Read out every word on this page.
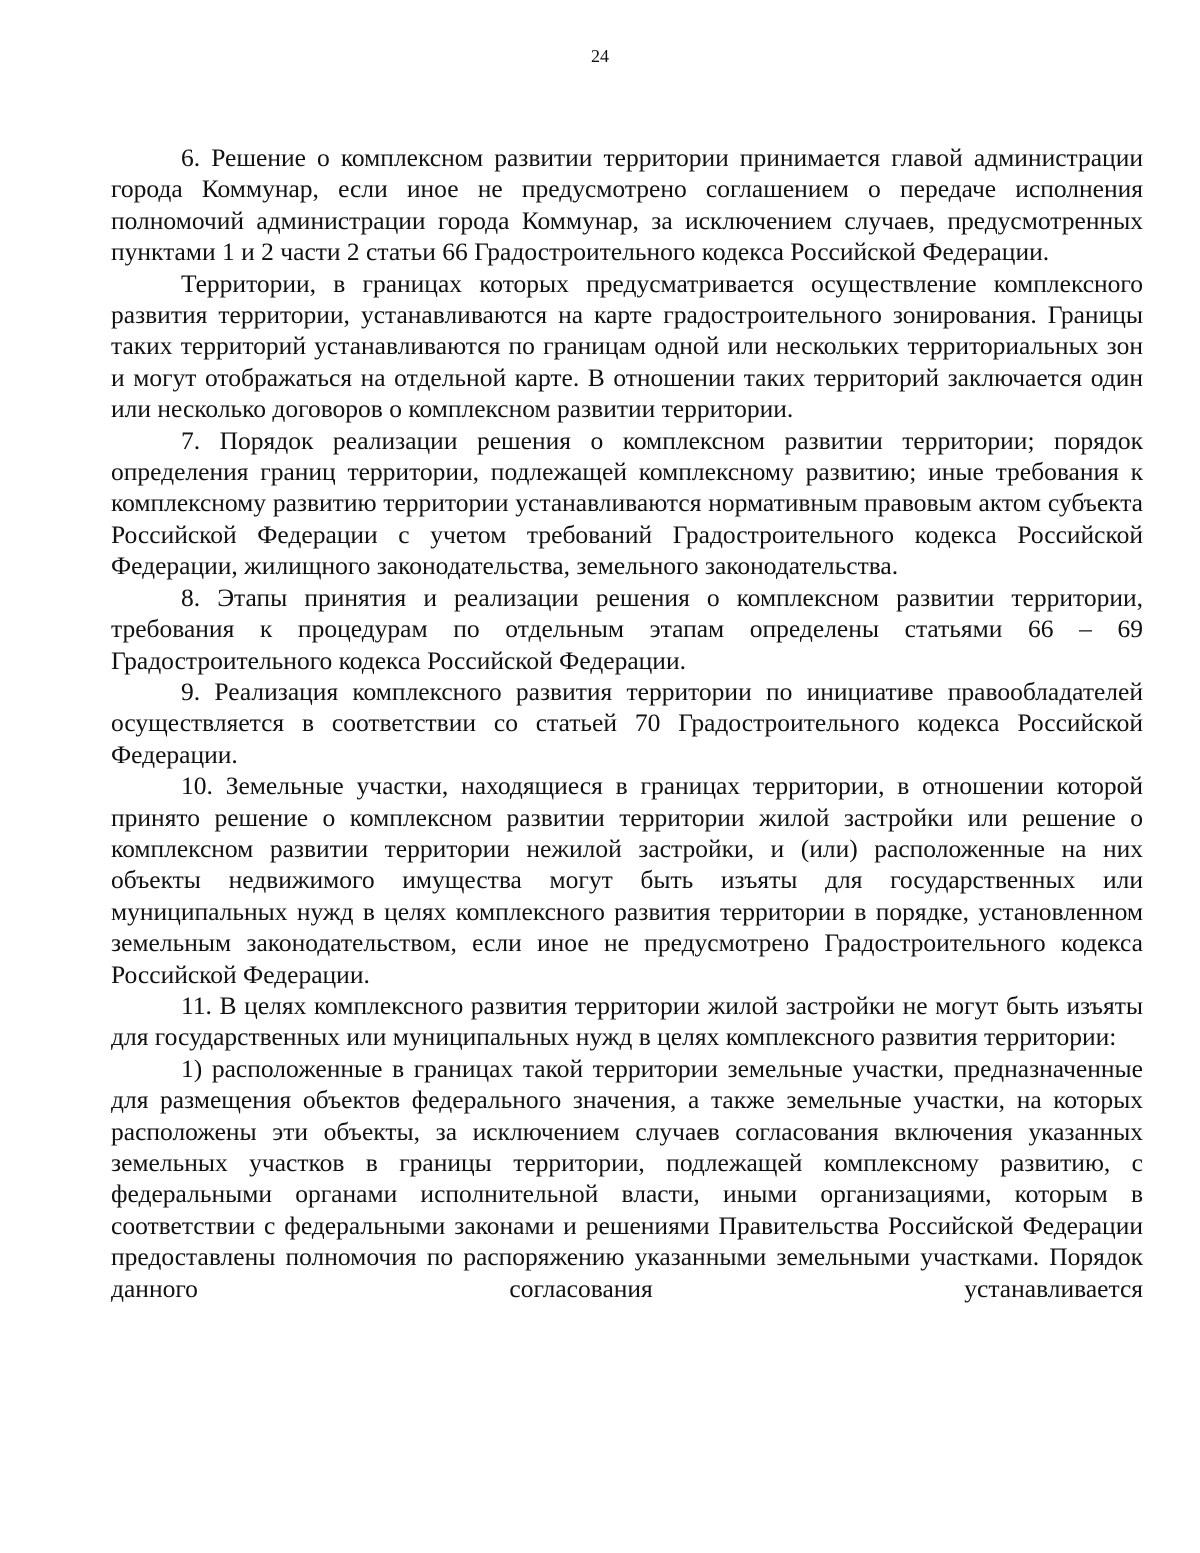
24

6. Решение о комплексном развитии территории принимается главой администрации города Коммунар, если иное не предусмотрено соглашением о передаче исполнения полномочий администрации города Коммунар, за исключением случаев, предусмотренных пунктами 1 и 2 части 2 статьи 66 Градостроительного кодекса Российской Федерации.

Территории, в границах которых предусматривается осуществление комплексного развития территории, устанавливаются на карте градостроительного зонирования. Границы таких территорий устанавливаются по границам одной или нескольких территориальных зон и могут отображаться на отдельной карте. В отношении таких территорий заключается один или несколько договоров о комплексном развитии территории.

7. Порядок реализации решения о комплексном развитии территории; порядок определения границ территории, подлежащей комплексному развитию; иные требования к комплексному развитию территории устанавливаются нормативным правовым актом субъекта Российской Федерации с учетом требований Градостроительного кодекса Российской Федерации, жилищного законодательства, земельного законодательства.

8. Этапы принятия и реализации решения о комплексном развитии территории, требования к процедурам по отдельным этапам определены статьями 66 – 69 Градостроительного кодекса Российской Федерации.

9. Реализация комплексного развития территории по инициативе правообладателей осуществляется в соответствии со статьей 70 Градостроительного кодекса Российской Федерации.

10. Земельные участки, находящиеся в границах территории, в отношении которой принято решение о комплексном развитии территории жилой застройки или решение о комплексном развитии территории нежилой застройки, и (или) расположенные на них объекты недвижимого имущества могут быть изъяты для государственных или муниципальных нужд в целях комплексного развития территории в порядке, установленном земельным законодательством, если иное не предусмотрено Градостроительного кодекса Российской Федерации.

11. В целях комплексного развития территории жилой застройки не могут быть изъяты для государственных или муниципальных нужд в целях комплексного развития территории:

1) расположенные в границах такой территории земельные участки, предназначенные для размещения объектов федерального значения, а также земельные участки, на которых расположены эти объекты, за исключением случаев согласования включения указанных земельных участков в границы территории, подлежащей комплексному развитию, с федеральными органами исполнительной власти, иными организациями, которым в соответствии с федеральными законами и решениями Правительства Российской Федерации предоставлены полномочия по распоряжению указанными земельными участками. Порядок данного согласования устанавливается
